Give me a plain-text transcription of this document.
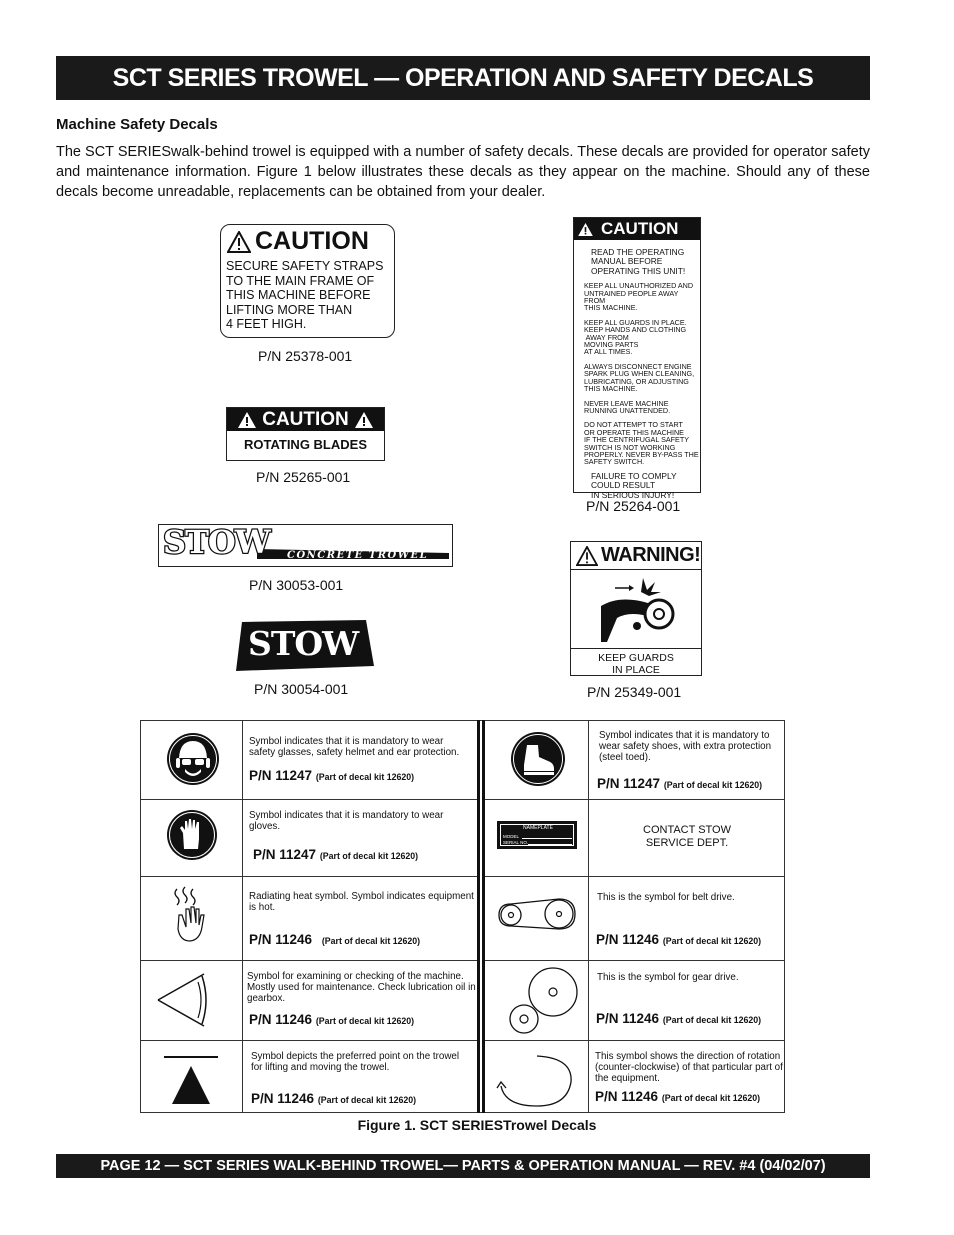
SCT SERIES TROWEL — OPERATION AND SAFETY DECALS
Machine Safety Decals
The SCT SERIESwalk-behind trowel is equipped with a number of safety decals. These decals are provided for operator safety and maintenance information. Figure 1 below illustrates these decals as they appear on the machine. Should any of these decals become unreadable, replacements can be obtained from your dealer.
CAUTION
SECURE SAFETY STRAPS
TO THE MAIN FRAME OF
THIS MACHINE BEFORE
LIFTING MORE THAN
4 FEET HIGH.
P/N 25378-001
CAUTION
ROTATING BLADES
P/N 25265-001
CAUTION
READ THE OPERATING
MANUAL BEFORE
OPERATING THIS UNIT!
KEEP ALL UNAUTHORIZED AND
UNTRAINED PEOPLE AWAY FROM
THIS MACHINE.
KEEP ALL GUARDS IN PLACE.
KEEP HANDS AND CLOTHING
AWAY FROM
MOVING PARTS
AT ALL TIMES.
ALWAYS DISCONNECT ENGINE
SPARK PLUG WHEN CLEANING,
LUBRICATING, OR ADJUSTING
THIS MACHINE.
NEVER LEAVE MACHINE
RUNNING UNATTENDED.
DO NOT ATTEMPT TO START
OR OPERATE THIS MACHINE
IF THE CENTRIFUGAL SAFETY
SWITCH IS NOT WORKING
PROPERLY. NEVER BY-PASS THE
SAFETY SWITCH.
FAILURE TO COMPLY
COULD RESULT
IN SERIOUS INJURY!
P/N 25264-001
STOW CONCRETE TROWEL
P/N 30053-001
STOW
P/N 30054-001
WARNING!
KEEP GUARDS
IN PLACE
P/N 25349-001
Symbol indicates that it is mandatory to wear safety glasses, safety helmet and ear protection.
P/N 11247 (Part of decal kit 12620)
Symbol indicates that it is mandatory to wear gloves.
P/N 11247 (Part of decal kit 12620)
Radiating heat symbol. Symbol indicates equipment is hot.
P/N 11246 (Part of decal kit 12620)
Symbol for examining or checking of the machine. Mostly used for maintenance. Check lubrication oil in gearbox.
P/N 11246 (Part of decal kit 12620)
Symbol depicts the preferred point on the trowel for lifting and moving the trowel.
P/N 11246 (Part of decal kit 12620)
Symbol indicates that it is mandatory to wear safety shoes, with extra protection (steel toed).
P/N 11247 (Part of decal kit 12620)
NAMEPLATE
MODEL
SERIAL NO.
CONTACT STOW
SERVICE DEPT.
This is the symbol for belt drive.
P/N 11246 (Part of decal kit 12620)
This is the symbol for gear drive.
P/N 11246 (Part of decal kit 12620)
This symbol shows the direction of rotation (counter-clockwise) of that particular part of the equipment.
P/N 11246 (Part of decal kit 12620)
Figure 1. SCT SERIESTrowel Decals
PAGE 12 — SCT SERIES WALK-BEHIND TROWEL— PARTS & OPERATION MANUAL — REV. #4 (04/02/07)
